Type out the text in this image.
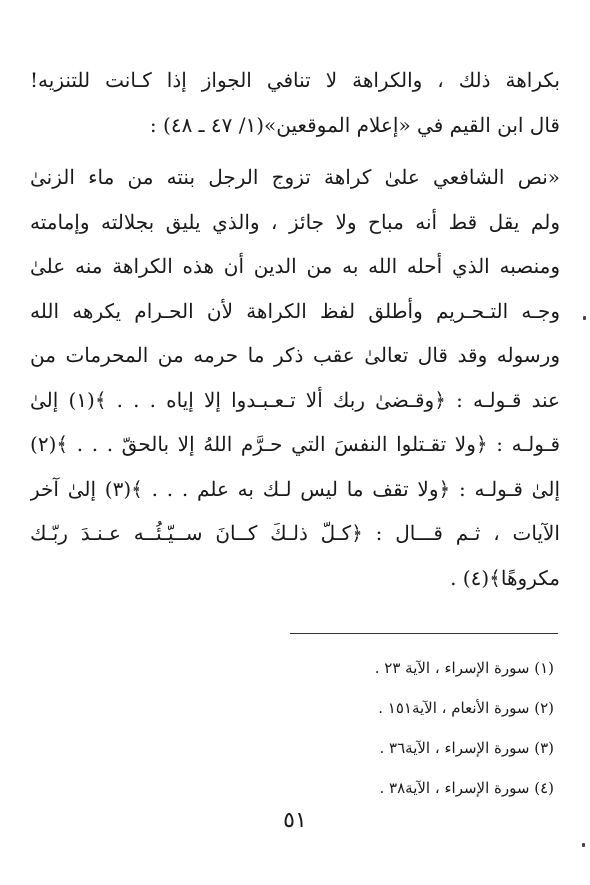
بكراهة ذلك ، والكراهة لا تنافي الجواز إذا كـانت للتنزيه!
قال ابن القيم في «إعلام الموقعين»(١/ ٤٧ ـ ٤٨) :
«نص الشافعي علىٰ كراهة تزوج الرجل بنته من ماء الزنىٰ
ولم يقل قط أنه مباح ولا جائز ، والذي يليق بجلالته وإمامته
ومنصبه الذي أحله الله به من الدين أن هذه الكراهة منه علىٰ
وجـه التـحـريم وأطلق لفظ الكراهة لأن الحـرام يكرهه الله
ورسوله وقد قال تعالىٰ عقب ذكر ما حرمه من المحرمات من
عند قـولـه : ﴿وقـضىٰ ربك ألا تـعـبـدوا إلا إياه . . . ﴾(١) إلىٰ
قـولـه : ﴿ولا تقـتلوا النفسَ التي حـرَّم اللهُ إلا بالحقّ . . . ﴾(٢)
إلىٰ قـولـه : ﴿ولا تقف ما ليس لـك به علم . . . ﴾(٣) إلىٰ آخر
الآيات ، ثـم قـــال : ﴿كـلّ ذلـكَ كــانَ ســيّـئُــه عـنـدَ ربّـك
مكروهًا﴾(٤) .
(١) سورة الإسراء ، الآية ٢٣ .
(٢) سورة الأنعام ، الآية١٥١ .
(٣) سورة الإسراء ، الآية٣٦ .
(٤) سورة الإسراء ، الآية٣٨ .
٥١
